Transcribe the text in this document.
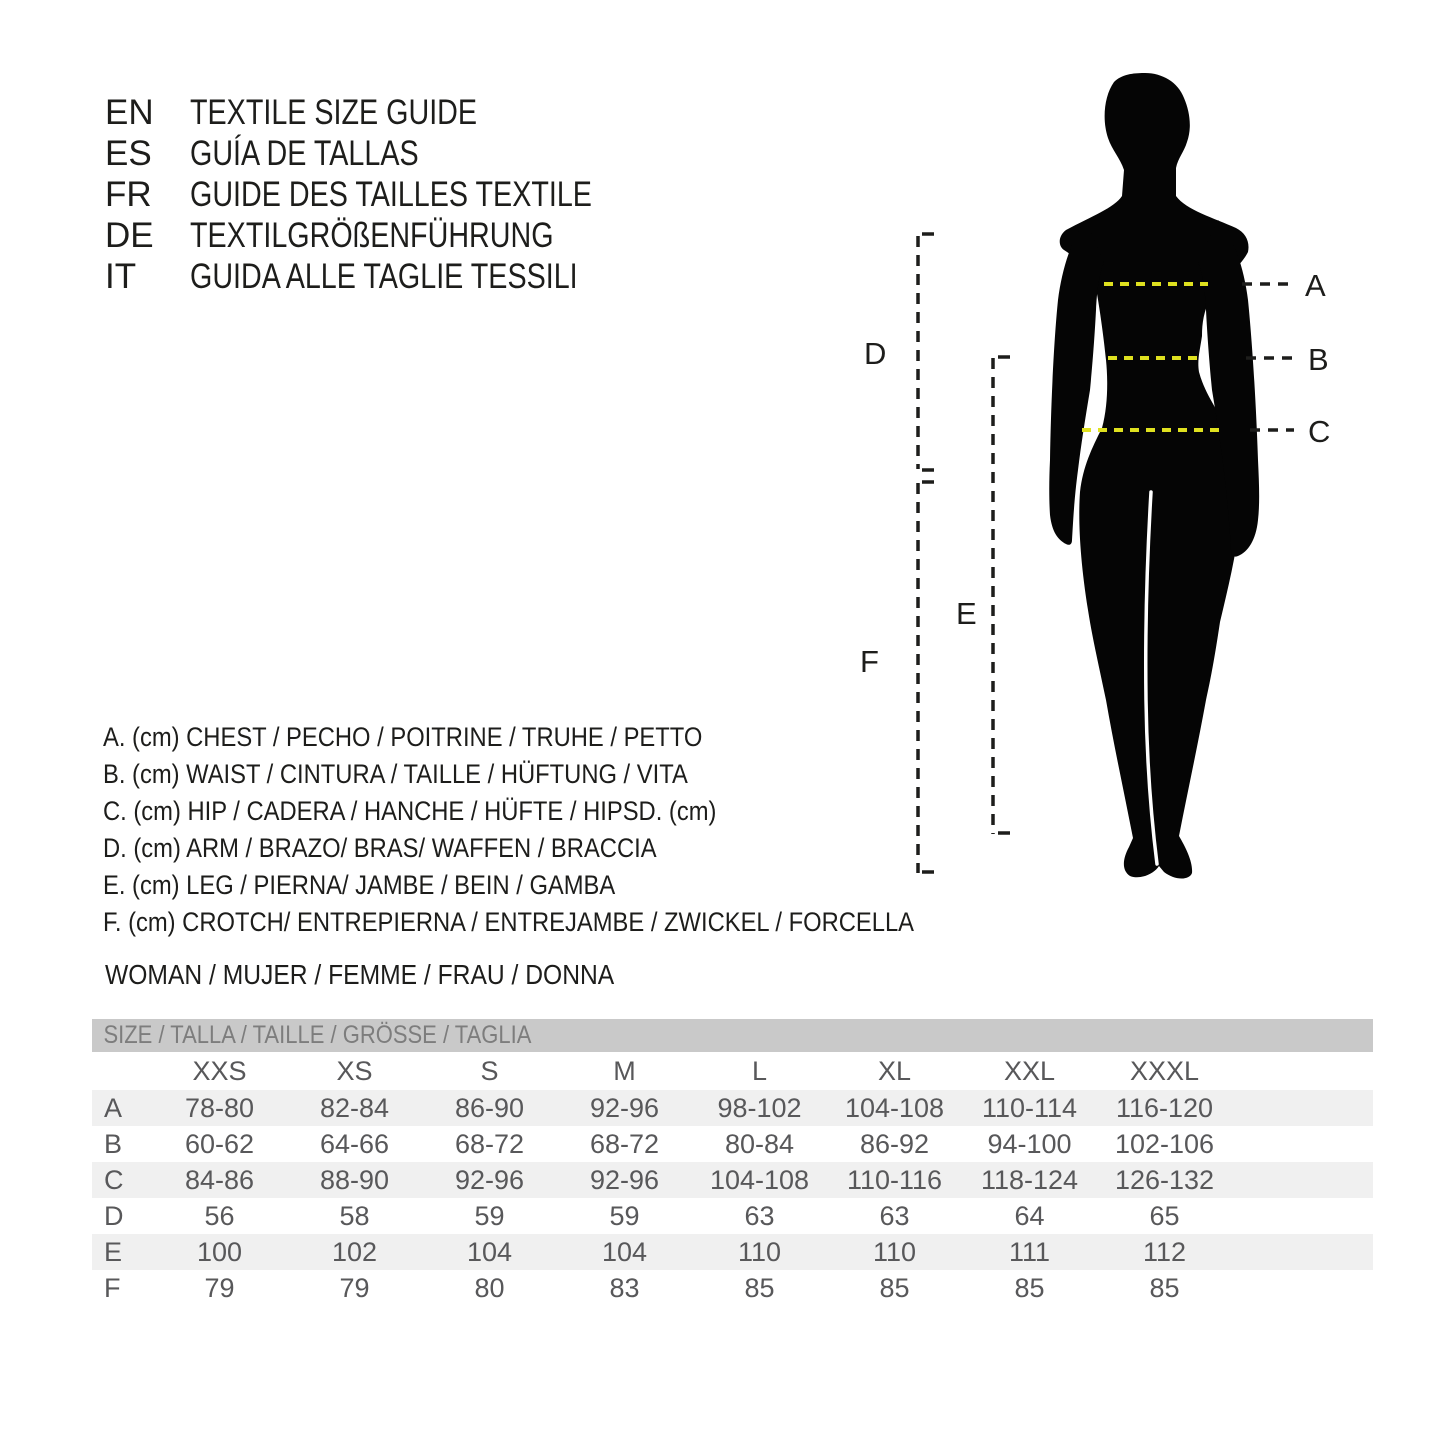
EN	TEXTILE SIZE GUIDE
ES	GUÍA DE TALLAS
FR	GUIDE DES TAILLES TEXTILE
DE	TEXTILGRÖßENFÜHRUNG
IT	GUIDA ALLE TAGLIE TESSILI	A
B
C
D
E
F
A. (cm) CHEST / PECHO / POITRINE / TRUHE / PETTO
B. (cm) WAIST / CINTURA / TAILLE / HÜFTUNG / VITA
C. (cm) HIP / CADERA / HANCHE / HÜFTE / HIPSD. (cm)
D. (cm) ARM / BRAZO/ BRAS/ WAFFEN / BRACCIA
E. (cm) LEG / PIERNA/ JAMBE / BEIN / GAMBA
F. (cm) CROTCH/ ENTREPIERNA / ENTREJAMBE / ZWICKEL / FORCELLA
WOMAN / MUJER / FEMME / FRAU / DONNA
SIZE / TALLA / TAILLE / GRÖSSE / TAGLIA									
	XXS	XS	S	M	L	XL	XXL	XXXL	
A	78-80	82-84	86-90	92-96	98-102	104-108	110-114	116-120	
B	60-62	64-66	68-72	68-72	80-84	86-92	94-100	102-106	
C	84-86	88-90	92-96	92-96	104-108	110-116	118-124	126-132	
D	56	58	59	59	63	63	64	65	
E	100	102	104	104	110	110	111	112	
F	79	79	80	83	85	85	85	85	
